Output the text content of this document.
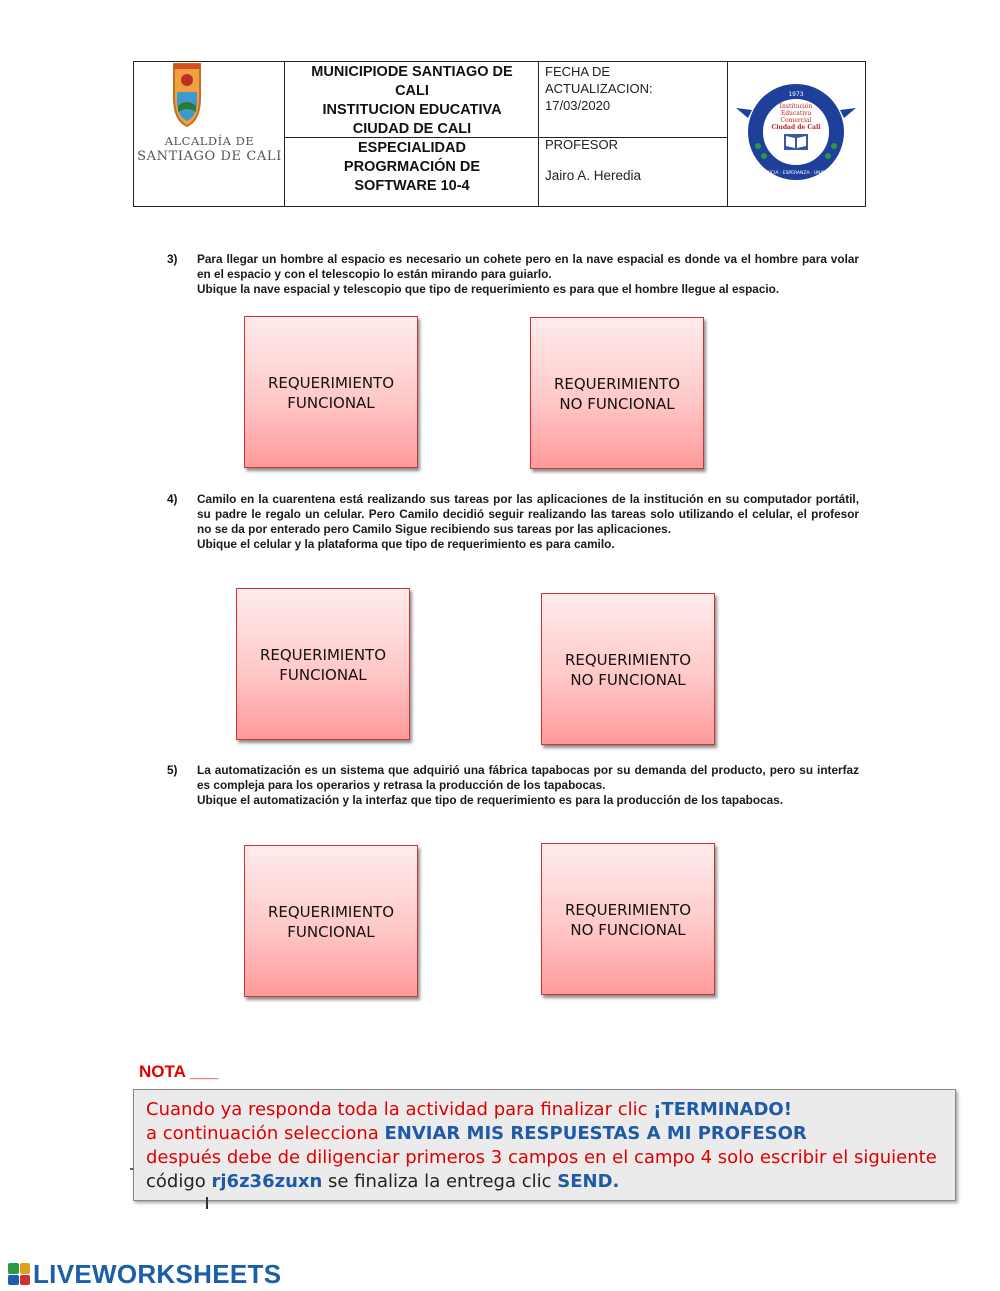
ALCALDÍA DE
SANTIAGO DE CALI
MUNICIPIODE SANTIAGO DE
CALI
INSTITUCION EDUCATIVA
CIUDAD DE CALI
ESPECIALIDAD
PROGRMACIÓN DE
SOFTWARE 10-4
FECHA DE
ACTUALIZACION:
17/03/2020
PROFESOR
Jairo A. Heredia
1973
Institución
Educativa
Comercial
Ciudad de Cali
CIENCIA · ESPERANZA · UNIDAD
3) Para llegar un hombre al espacio es necesario un cohete pero en la nave espacial es donde va el hombre para volar en el espacio y con el telescopio lo están mirando para guiarlo.

Ubique la nave espacial y telescopio que tipo de requerimiento es para que el hombre llegue al espacio.

REQUERIMIENTO
FUNCIONAL
REQUERIMIENTO
NO FUNCIONAL
4) Camilo en la cuarentena está realizando sus tareas por las aplicaciones de la institución en su computador portátil, su padre le regalo un celular. Pero Camilo decidió seguir realizando las tareas solo utilizando el celular, el profesor no se da por enterado pero Camilo Sigue recibiendo sus tareas por las aplicaciones.

Ubique el celular y la plataforma que tipo de requerimiento es para camilo.

REQUERIMIENTO
FUNCIONAL
REQUERIMIENTO
NO FUNCIONAL
5) La automatización es un sistema que adquirió una fábrica tapabocas por su demanda del producto, pero su interfaz es compleja para los operarios y retrasa la producción de los tapabocas.

Ubique el automatización y la interfaz que tipo de requerimiento es para la producción de los tapabocas.

REQUERIMIENTO
FUNCIONAL
REQUERIMIENTO
NO FUNCIONAL
NOTA ___
Cuando ya responda toda la actividad para finalizar clic ¡TERMINADO!
a continuación selecciona ENVIAR MIS RESPUESTAS A MI PROFESOR
después debe de diligenciar primeros 3 campos en el campo 4 solo escribir el siguiente código rj6z36zuxn se finaliza la entrega clic SEND.
LIVEWORKSHEETS
